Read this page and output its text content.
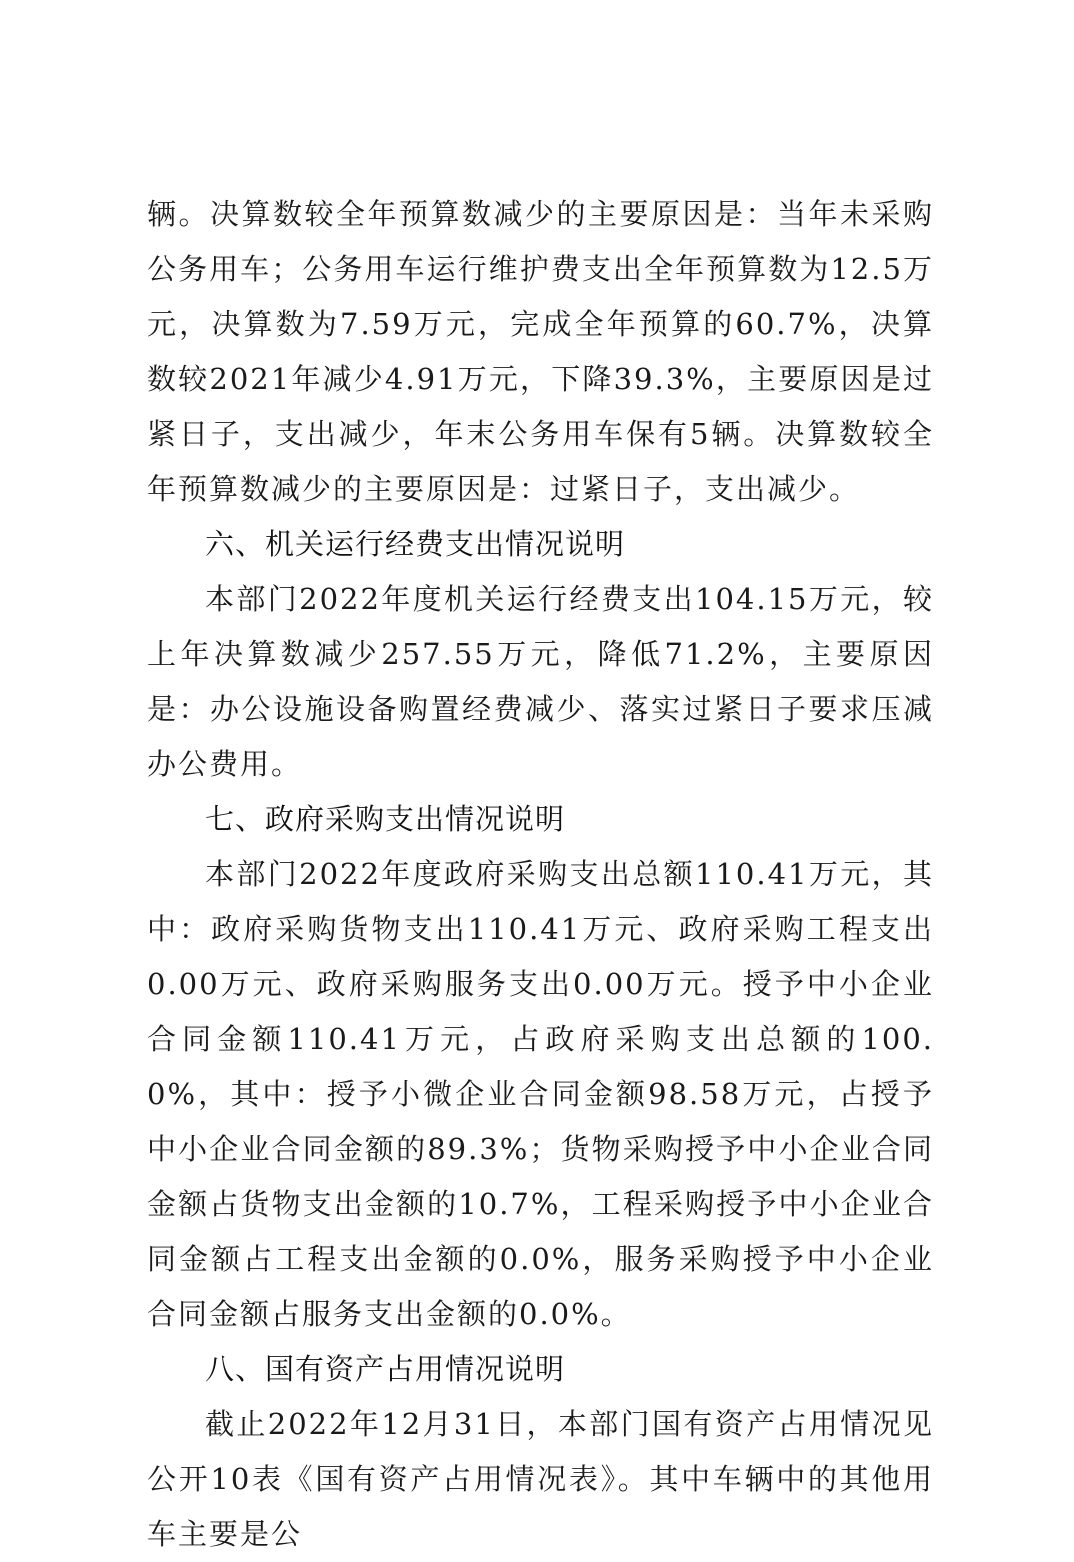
辆。决算数较全年预算数减少的主要原因是：当年未采购公务用车；公务用车运行维护费支出全年预算数为12.5万元，决算数为7.59万元，完成全年预算的60.7%，决算数较2021年减少4.91万元，下降39.3%，主要原因是过紧日子，支出减少，年末公务用车保有5辆。决算数较全年预算数减少的主要原因是：过紧日子，支出减少。

六、机关运行经费支出情况说明

本部门2022年度机关运行经费支出104.15万元，较上年决算数减少257.55万元，降低71.2%，主要原因是：办公设施设备购置经费减少、落实过紧日子要求压减办公费用。

七、政府采购支出情况说明

本部门2022年度政府采购支出总额110.41万元，其中：政府采购货物支出110.41万元、政府采购工程支出0.00万元、政府采购服务支出0.00万元。授予中小企业合同金额110.41万元，占政府采购支出总额的100.0%，其中：授予小微企业合同金额98.58万元，占授予中小企业合同金额的89.3%；货物采购授予中小企业合同金额占货物支出金额的10.7%，工程采购授予中小企业合同金额占工程支出金额的0.0%，服务采购授予中小企业合同金额占服务支出金额的0.0%。

八、国有资产占用情况说明

截止2022年12月31日，本部门国有资产占用情况见公开10表《国有资产占用情况表》。其中车辆中的其他用车主要是公
